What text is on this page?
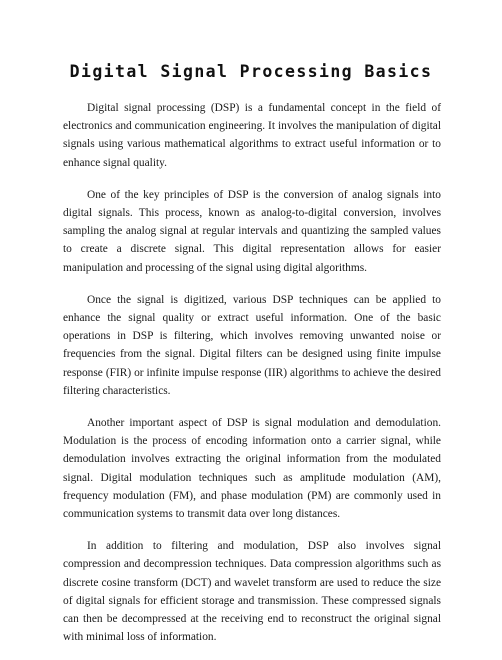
Digital Signal Processing Basics

Digital signal processing (DSP) is a fundamental concept in the field of electronics and communication engineering. It involves the manipulation of digital signals using various mathematical algorithms to extract useful information or to enhance signal quality.

One of the key principles of DSP is the conversion of analog signals into digital signals. This process, known as analog-to-digital conversion, involves sampling the analog signal at regular intervals and quantizing the sampled values to create a discrete signal. This digital representation allows for easier manipulation and processing of the signal using digital algorithms.

Once the signal is digitized, various DSP techniques can be applied to enhance the signal quality or extract useful information. One of the basic operations in DSP is filtering, which involves removing unwanted noise or frequencies from the signal. Digital filters can be designed using finite impulse response (FIR) or infinite impulse response (IIR) algorithms to achieve the desired filtering characteristics.

Another important aspect of DSP is signal modulation and demodulation. Modulation is the process of encoding information onto a carrier signal, while demodulation involves extracting the original information from the modulated signal. Digital modulation techniques such as amplitude modulation (AM), frequency modulation (FM), and phase modulation (PM) are commonly used in communication systems to transmit data over long distances.

In addition to filtering and modulation, DSP also involves signal compression and decompression techniques. Data compression algorithms such as discrete cosine transform (DCT) and wavelet transform are used to reduce the size of digital signals for efficient storage and transmission. These compressed signals can then be decompressed at the receiving end to reconstruct the original signal with minimal loss of information.
